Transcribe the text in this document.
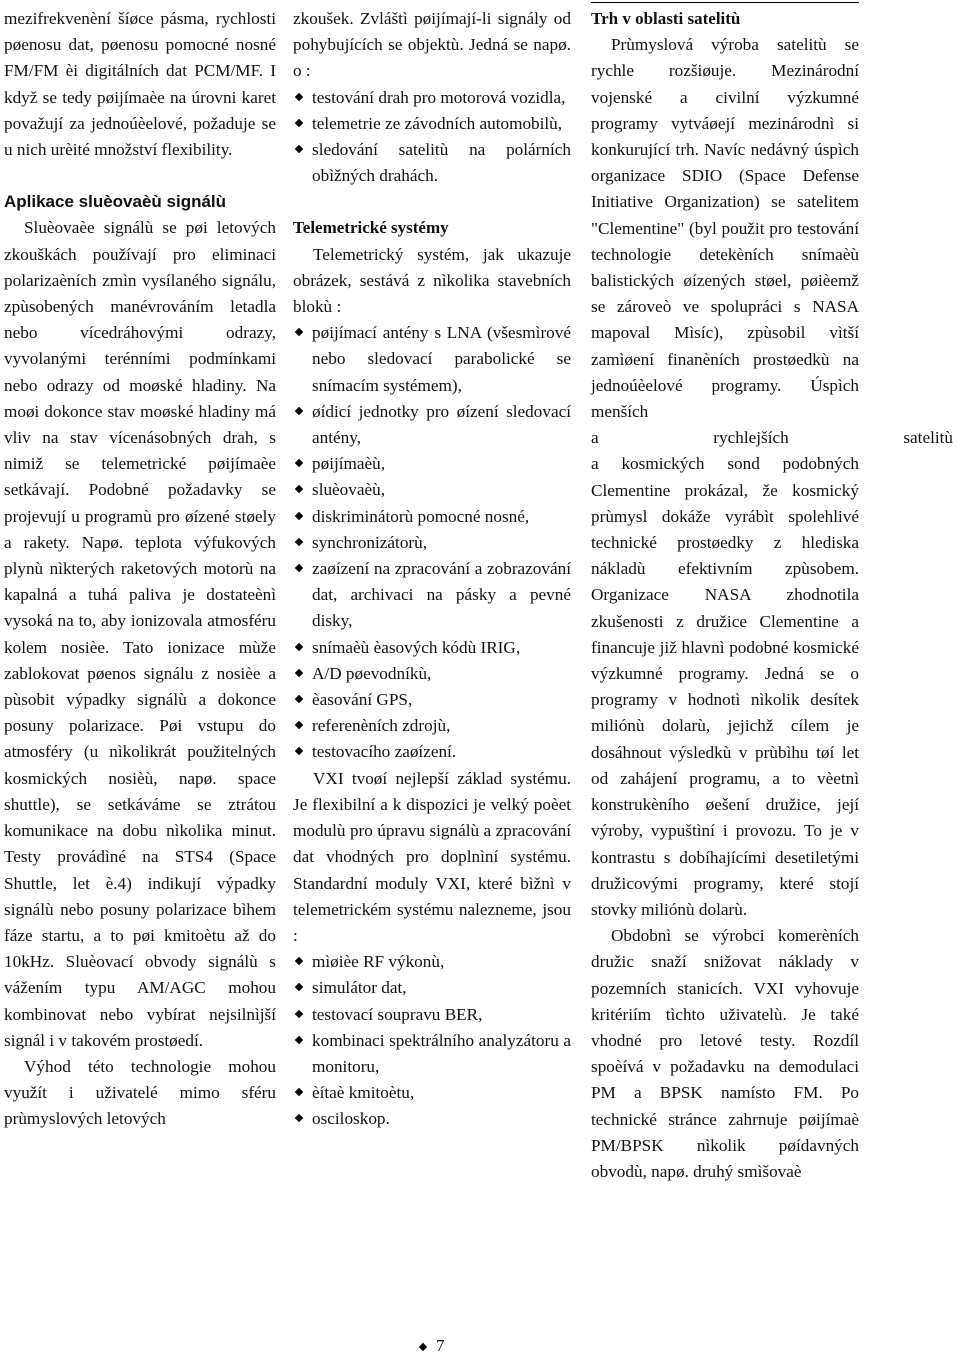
mezifrekvenèní šíøce pásma, rychlosti pøenosu dat, pøenosu pomocné nosné FM/FM èi digitálních dat PCM/MF. I když se tedy pøijímaèe na úrovni karet považují za jednoúèelové, požaduje se u nich urèité množství flexibility.

Aplikace sluèovaèù signálù

Sluèovaèe signálù se pøi letových zkouškách používají pro eliminaci polarizaèních zmìn vysílaného signálu, zpùsobených manévrováním letadla nebo vícedráhovými odrazy, vyvolanými terénními podmínkami nebo odrazy od moøské hladiny. Na moøi dokonce stav moøské hladiny má vliv na stav vícenásobných drah, s nimiž se telemetrické pøijímaèe setkávají. Podobné požadavky se projevují u programù pro øízené støely a rakety. Napø. teplota výfukových plynù nìkterých raketových motorù na kapalná a tuhá paliva je dostateènì vysoká na to, aby ionizovala atmosféru kolem nosièe. Tato ionizace mùže zablokovat pøenos signálu z nosièe a pùsobit výpadky signálù a dokonce posuny polarizace. Pøi vstupu do atmosféry (u nìkolikrát použitelných kosmických nosièù, napø. space shuttle), se setkáváme se ztrátou komunikace na dobu nìkolika minut. Testy provádìné na STS4 (Space Shuttle, let è.4) indikují výpadky signálù nebo posuny polarizace bìhem fáze startu, a to pøi kmitoètu až do 10kHz. Sluèovací obvody signálù s vážením typu AM/AGC mohou kombinovat nebo vybírat nejsilnìjší signál i v takovém prostøedí.

Výhod této technologie mohou využít i uživatelé mimo sféru prùmyslových letových

zkoušek. Zvláštì pøijímají-li signály od pohybujících se objektù. Jedná se napø. o :

testování drah pro motorová vozidla,
telemetrie ze závodních automobilù,
sledování satelitù na polárních obìžných drahách.
Telemetrické systémy

Telemetrický systém, jak ukazuje obrázek, sestává z nìkolika stavebních blokù :

pøijímací antény s LNA (všesmìrové nebo sledovací parabolické se snímacím systémem),
øídicí jednotky pro øízení sledovací antény,
pøijímaèù,
sluèovaèù,
diskriminátorù pomocné nosné,
synchronizátorù,
zaøízení na zpracování a zobrazování dat, archivaci na pásky a pevné disky,
snímaèù èasových kódù IRIG,
A/D pøevodníkù,
èasování GPS,
referenèních zdrojù,
testovacího zaøízení.

VXI tvoøí nejlepší základ systému. Je flexibilní a k dispozici je velký poèet modulù pro úpravu signálù a zpracování dat vhodných pro doplnìní systému. Standardní moduly VXI, které bìžnì v telemetrickém systému nalezneme, jsou :

mìøièe RF výkonù,
simulátor dat,
testovací soupravu BER,
kombinaci spektrálního analyzátoru a monitoru,
èítaè kmitoètu,
osciloskop.
Trh v oblasti satelitù

Prùmyslová výroba satelitù se rychle rozšiøuje. Mezinárodní vojenské a civilní výzkumné programy vytváøejí mezinárodnì si konkurující trh. Navíc nedávný úspìch organizace SDIO (Space Defense Initiative Organization) se satelitem "Clementine" (byl použit pro testování technologie detekèních snímaèù balistických øízených støel, pøièemž se zároveò ve spolupráci s NASA mapoval Mìsíc), zpùsobil vìtší zamìøení finanèních prostøedkù na jednoúèelové programy. Úspìch menších

a rychlejších satelitù

a kosmických sond podobných Clementine prokázal, že kosmický prùmysl dokáže vyrábìt spolehlivé technické prostøedky z hlediska nákladù efektivním zpùsobem. Organizace NASA zhodnotila zkušenosti z družice Clementine a financuje již hlavnì podobné kosmické výzkumné programy. Jedná se o programy v hodnotì nìkolik desítek miliónù dolarù, jejichž cílem je dosáhnout výsledkù v prùbìhu tøí let od zahájení programu, a to vèetnì konstrukèního øešení družice, její výroby, vypuštìní i provozu. To je v kontrastu s dobíhajícími desetiletými družicovými programy, které stojí stovky miliónù dolarù.

Obdobnì se výrobci komerèních družic snaží snižovat náklady v pozemních stanicích. VXI vyhovuje kritériím tìchto uživatelù. Je také vhodné pro letové testy. Rozdíl spoèívá v požadavku na demodulaci PM a BPSK namísto FM. Po technické stránce zahrnuje pøijímaè PM/BPSK nìkolik pøídavných obvodù, napø. druhý smìšovaè

7
